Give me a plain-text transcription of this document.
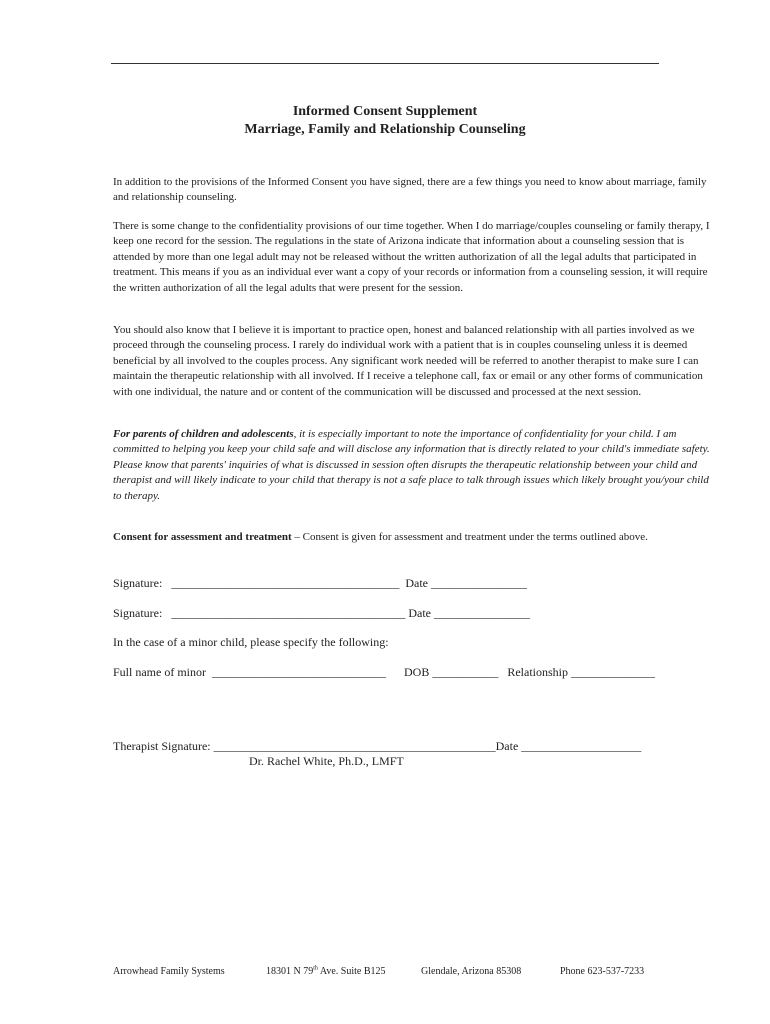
Informed Consent Supplement
Marriage, Family and Relationship Counseling

In addition to the provisions of the Informed Consent you have signed, there are a few things you need to know about marriage, family and relationship counseling.

There is some change to the confidentiality provisions of our time together. When I do marriage/couples counseling or family therapy, I keep one record for the session. The regulations in the state of Arizona indicate that information about a counseling session that is attended by more than one legal adult may not be released without the written authorization of all the legal adults that participated in treatment. This means if you as an individual ever want a copy of your records or information from a counseling session, it will require the written authorization of all the legal adults that were present for the session.

You should also know that I believe it is important to practice open, honest and balanced relationship with all parties involved as we proceed through the counseling process. I rarely do individual work with a patient that is in couples counseling unless it is deemed beneficial by all involved to the couples process. Any significant work needed will be referred to another therapist to make sure I can maintain the therapeutic relationship with all involved. If I receive a telephone call, fax or email or any other forms of communication with one individual, the nature and or content of the communication will be discussed and processed at the next session.

For parents of children and adolescents, it is especially important to note the importance of confidentiality for your child. I am committed to helping you keep your child safe and will disclose any information that is directly related to your child's immediate safety. Please know that parents' inquiries of what is discussed in session often disrupts the therapeutic relationship between your child and therapist and will likely indicate to your child that therapy is not a safe place to talk through issues which likely brought you/your child to therapy.

Consent for assessment and treatment – Consent is given for assessment and treatment under the terms outlined above.

Signature:   ______________________________________  Date ________________
Signature:   _______________________________________ Date ________________
In the case of a minor child, please specify the following:
Full name of minor  _____________________________      DOB ___________   Relationship ______________
Therapist Signature: _______________________________________________Date ____________________
Dr. Rachel White, Ph.D., LMFT
Arrowhead Family Systems	18301 N 79th Ave. Suite B125	Glendale, Arizona 85308	Phone 623-537-7233
